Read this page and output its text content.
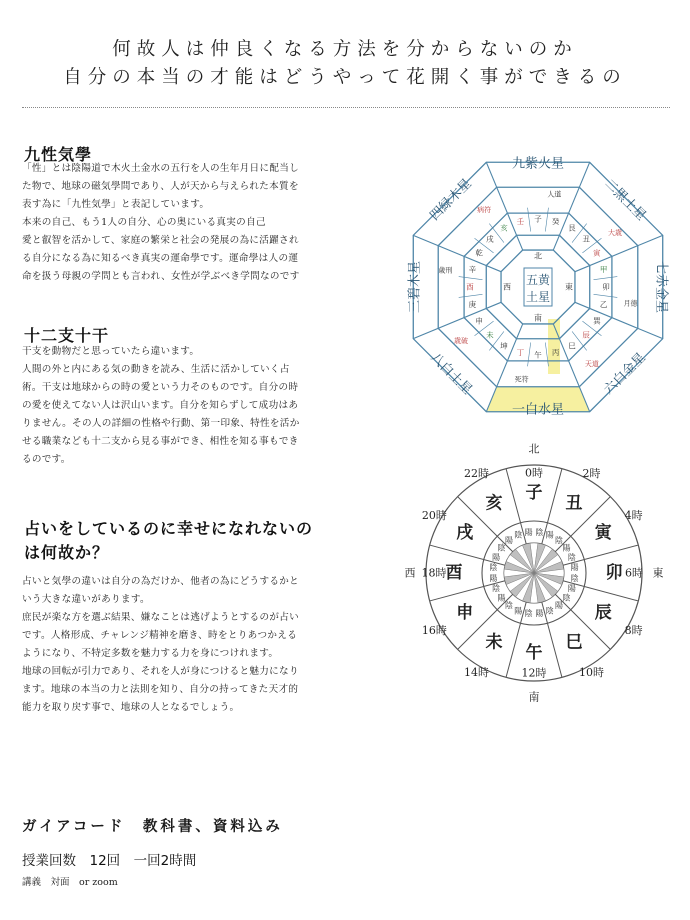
何故人は仲良くなる方法を分からないのか
自分の本当の才能はどうやって花開く事ができるの
九性気學

「性」とは陰陽道で木火土金水の五行を人の生年月日に配当し

た物で、地球の磁気學問であり、人が天から与えられた本質を

表す為に「九性気學」と表記しています。

本来の自己、もう1人の自分、心の奥にいる真実の自己

愛と叡智を活かして、家庭の繁栄と社会の発展の為に活躍され

る自分になる為に知るべき真実の運命學です。運命學は人の運

命を扱う母親の学問とも言われ、女性が学ぶべき学問なのです

十二支十干

干支を動物だと思っていたら違います。

人間の外と内にある気の動きを読み、生活に活かしていく占

術。干支は地球からの時の愛という力そのものです。自分の時

の愛を使えてない人は沢山います。自分を知らずして成功はあ

りません。その人の詳細の性格や行動、第一印象、特性を活か

せる職業なども十二支から見る事ができ、相性を知る事もでき

るのです。

占いをしているのに幸せになれないの
は何故か？

占いと気學の違いは自分の為だけか、他者の為にどうするかと

いう大きな違いがあります。

庶民が楽な方を選ぶ結果、嫌なことは逃げようとするのが占い

です。人格形成、チャレンジ精神を磨き、時をとりあつかえる

ようになり、不特定多数を魅力する力を身につけれます。

地球の回転が引力であり、それを人が身につけると魅力になり

ます。地球の本当の力と法則を知り、自分の持ってきた天才的

能力を取り戻す事で、地球の人となるでしょう。

五黄
土星
九紫火星
二黒土星
七赤金星
六白金星
一白水星
八白土星
三碧木星
四緑木星
南
西
北
東
丙
午
丁
坤
未
申
庚
酉
辛
乾
戌
亥
壬 子 癸
艮
丑
寅
甲
卯
乙
巽
辰
巳
人道
大歳
月徳
天道
死符
歳破
歳刑
病符
陰 陽
陰
陽
陰
陽
陰
陽
陰
陽
陰
陽
陰
陽
陰
陽
陰
陽
陰
陽
陰
陽
陰 陽
子
丑
寅
卯
辰
巳
午
未
申
酉
戌
亥
0時	2時
4時
6時
8時
10時
12時
14時
16時
18時
20時
22時
北
東
南
西
ガイアコード　教科書、資料込み
授業回数　12回　一回2時間
講義　対面　or zoom
